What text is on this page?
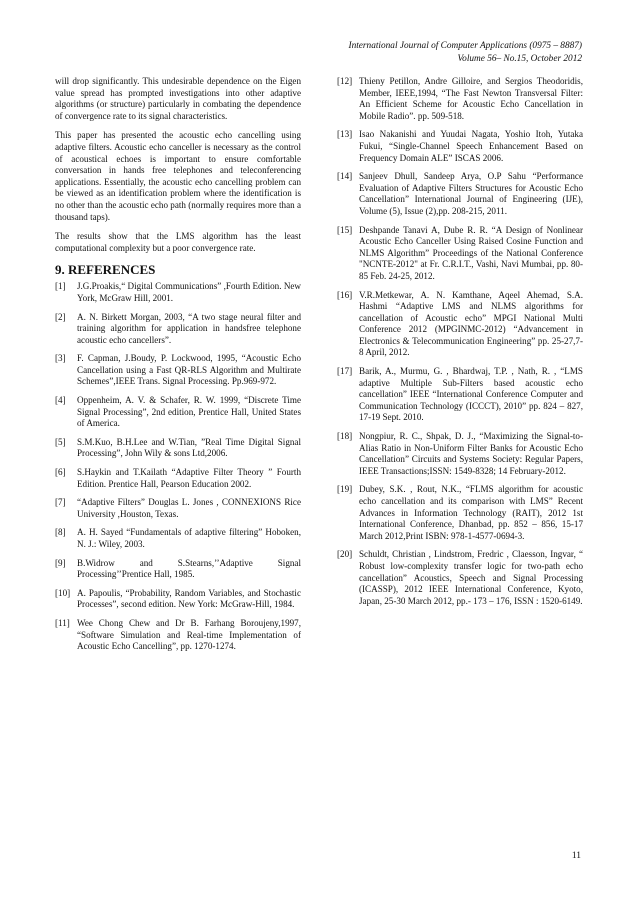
International Journal of Computer Applications (0975 – 8887)
Volume 56– No.15, October 2012

will drop significantly. This undesirable dependence on the Eigen value spread has prompted investigations into other adaptive algorithms (or structure) particularly in combating the dependence of convergence rate to its signal characteristics.

This paper has presented the acoustic echo cancelling using adaptive filters. Acoustic echo canceller is necessary as the control of acoustical echoes is important to ensure comfortable conversation in hands free telephones and teleconferencing applications. Essentially, the acoustic echo cancelling problem can be viewed as an identification problem where the identification is no other than the acoustic echo path (normally requires more than a thousand taps).

The results show that the LMS algorithm has the least computational complexity but a poor convergence rate.

9. REFERENCES
[1]	J.G.Proakis,“ Digital Communications” ,Fourth Edition. New York, McGraw Hill, 2001.
[2]	A. N. Birkett Morgan, 2003, “A two stage neural filter and training algorithm for application in handsfree telephone acoustic echo cancellers”.
[3]	F. Capman, J.Boudy, P. Lockwood, 1995, “Acoustic Echo Cancellation using a Fast QR-RLS Algorithm and Multirate Schemes”,IEEE Trans. Signal Processing. Pp.969-972.
[4]	Oppenheim, A. V. & Schafer, R. W. 1999, “Discrete Time Signal Processing”, 2nd edition, Prentice Hall, United States of America.
[5]	S.M.Kuo, B.H.Lee and W.Tian, ”Real Time Digital Signal Processing”, John Wily & sons Ltd,2006.
[6]	S.Haykin and T.Kailath “Adaptive Filter Theory ” Fourth Edition. Prentice Hall, Pearson Education 2002.
[7]	“Adaptive Filters” Douglas L. Jones , CONNEXIONS Rice University ,Houston, Texas.
[8]	A. H. Sayed “Fundamentals of adaptive filtering” Hoboken, N. J.: Wiley, 2003.
[9]	B.Widrow and S.Stearns,’’Adaptive Signal Processing’’Prentice Hall, 1985.
[10] A. Papoulis, “Probability, Random Variables, and Stochastic Processes”, second edition. New York: McGraw-Hill, 1984.
[11] Wee Chong Chew and Dr B. Farhang Boroujeny,1997, “Software Simulation and Real-time Implementation of Acoustic Echo Cancelling”, pp. 1270-1274.
[12] Thieny Petillon, Andre Gilloire, and Sergios Theodoridis, Member, IEEE,1994, “The Fast Newton Transversal Filter: An Efficient Scheme for Acoustic Echo Cancellation in Mobile Radio”. pp. 509-518.
[13] Isao Nakanishi and Yuudai Nagata, Yoshio Itoh, Yutaka Fukui, “Single-Channel Speech Enhancement Based on Frequency Domain ALE” ISCAS 2006.
[14] Sanjeev Dhull, Sandeep Arya, O.P Sahu “Performance Evaluation of Adaptive Filters Structures for Acoustic Echo Cancellation” International Journal of Engineering (IJE), Volume (5), Issue (2),pp. 208-215, 2011.
[15] Deshpande Tanavi A, Dube R. R. “A Design of Nonlinear Acoustic Echo Canceller Using Raised Cosine Function and NLMS Algorithm” Proceedings of the National Conference "NCNTE-2012" at Fr. C.R.I.T., Vashi, Navi Mumbai, pp. 80-85 Feb. 24-25, 2012.
[16] V.R.Metkewar, A. N. Kamthane, Aqeel Ahemad, S.A. Hashmi “Adaptive LMS and NLMS algorithms for cancellation of Acoustic echo” MPGI National Multi Conference 2012 (MPGINMC-2012) “Advancement in Electronics & Telecommunication Engineering” pp. 25-27,7-8 April, 2012.
[17] Barik, A., Murmu, G. , Bhardwaj, T.P. , Nath, R. , “LMS adaptive Multiple Sub-Filters based acoustic echo cancellation” IEEE “International Conference Computer and Communication Technology (ICCCT), 2010” pp. 824 – 827, 17-19 Sept. 2010.
[18] Nongpiur, R. C., Shpak, D. J., “Maximizing the Signal-to-Alias Ratio in Non-Uniform Filter Banks for Acoustic Echo Cancellation” Circuits and Systems Society: Regular Papers, IEEE Transactions;ISSN: 1549-8328; 14 February-2012.
[19] Dubey, S.K. , Rout, N.K., “FLMS algorithm for acoustic echo cancellation and its comparison with LMS” Recent Advances in Information Technology (RAIT), 2012 1st International Conference, Dhanbad, pp. 852 – 856, 15-17 March 2012,Print ISBN: 978-1-4577-0694-3.
[20] Schuldt, Christian , Lindstrom, Fredric , Claesson, Ingvar, “ Robust low-complexity transfer logic for two-path echo cancellation” Acoustics, Speech and Signal Processing (ICASSP), 2012 IEEE International Conference, Kyoto, Japan, 25-30 March 2012, pp.- 173 – 176, ISSN : 1520-6149.
11
